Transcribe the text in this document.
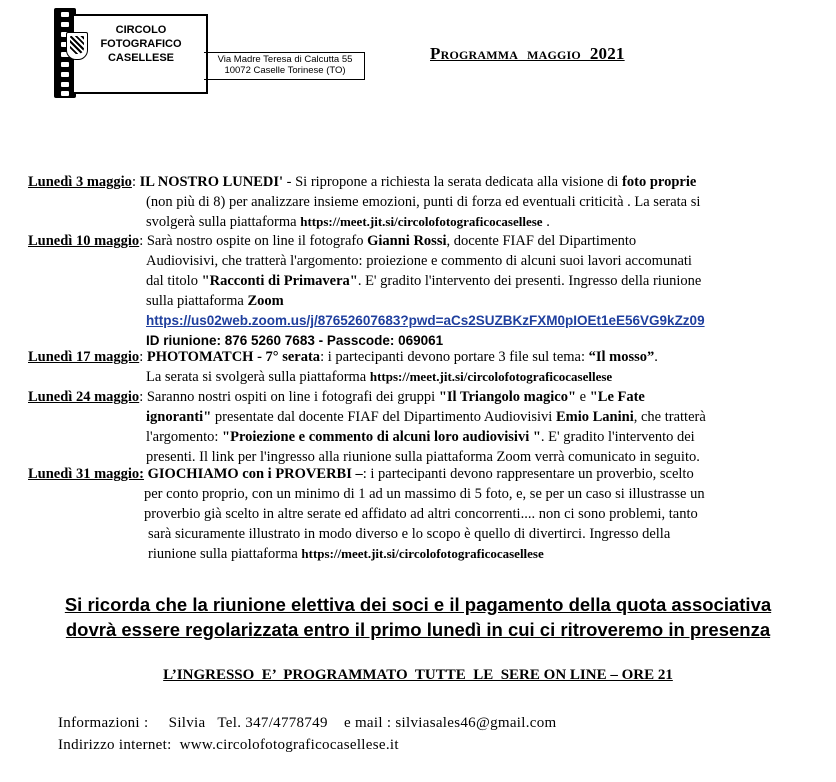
CIRCOLO
FOTOGRAFICO
CASELLESE	Via Madre Teresa di Calcutta 55
10072 Caselle Torinese (TO)
Programma  maggio  2021
Lunedì 3 maggio: IL NOSTRO LUNEDI' - Si ripropone a richiesta la serata dedicata alla visione di foto proprie
(non più di 8) per analizzare insieme emozioni, punti di forza ed eventuali criticità . La serata si
svolgerà sulla piattaforma https://meet.jit.si/circolofotograficocasellese .
Lunedì 10 maggio: Sarà nostro ospite on line il fotografo Gianni Rossi, docente FIAF del Dipartimento
Audiovisivi, che tratterà l'argomento: proiezione e commento di alcuni suoi lavori accomunati
dal titolo "Racconti di Primavera". E' gradito l'intervento dei presenti. Ingresso della riunione
sulla piattaforma Zoom
https://us02web.zoom.us/j/87652607683?pwd=aCs2SUZBKzFXM0pIOEt1eE56VG9kZz09
ID riunione: 876 5260 7683 - Passcode: 069061
Lunedì 17 maggio: PHOTOMATCH - 7° serata: i partecipanti devono portare 3 file sul tema: “Il mosso”.
La serata si svolgerà sulla piattaforma https://meet.jit.si/circolofotograficocasellese
Lunedì 24 maggio: Saranno nostri ospiti on line i fotografi dei gruppi "Il Triangolo magico" e "Le Fate
ignoranti" presentate dal docente FIAF del Dipartimento Audiovisivi Emio Lanini, che tratterà
l'argomento: "Proiezione e commento di alcuni loro audiovisivi ". E' gradito l'intervento dei
presenti. Il link per l'ingresso alla riunione sulla piattaforma Zoom verrà comunicato in seguito.
Lunedì 31 maggio: GIOCHIAMO con i PROVERBI –: i partecipanti devono rappresentare un proverbio, scelto
per conto proprio, con un minimo di 1 ad un massimo di 5 foto, e, se per un caso si illustrasse un
proverbio già scelto in altre serate ed affidato ad altri concorrenti.... non ci sono problemi, tanto
sarà sicuramente illustrato in modo diverso e lo scopo è quello di divertirci. Ingresso della
riunione sulla piattaforma https://meet.jit.si/circolofotograficocasellese
Si ricorda che la riunione elettiva dei soci e il pagamento della quota associativa
dovrà essere regolarizzata entro il primo lunedì in cui ci ritroveremo in presenza
L’INGRESSO  E’  PROGRAMMATO  TUTTE  LE  SERE ON LINE – ORE 21
Informazioni :     Silvia   Tel. 347/4778749    e mail : silviasales46@gmail.com
Indirizzo internet:  www.circolofotograficocasellese.it
